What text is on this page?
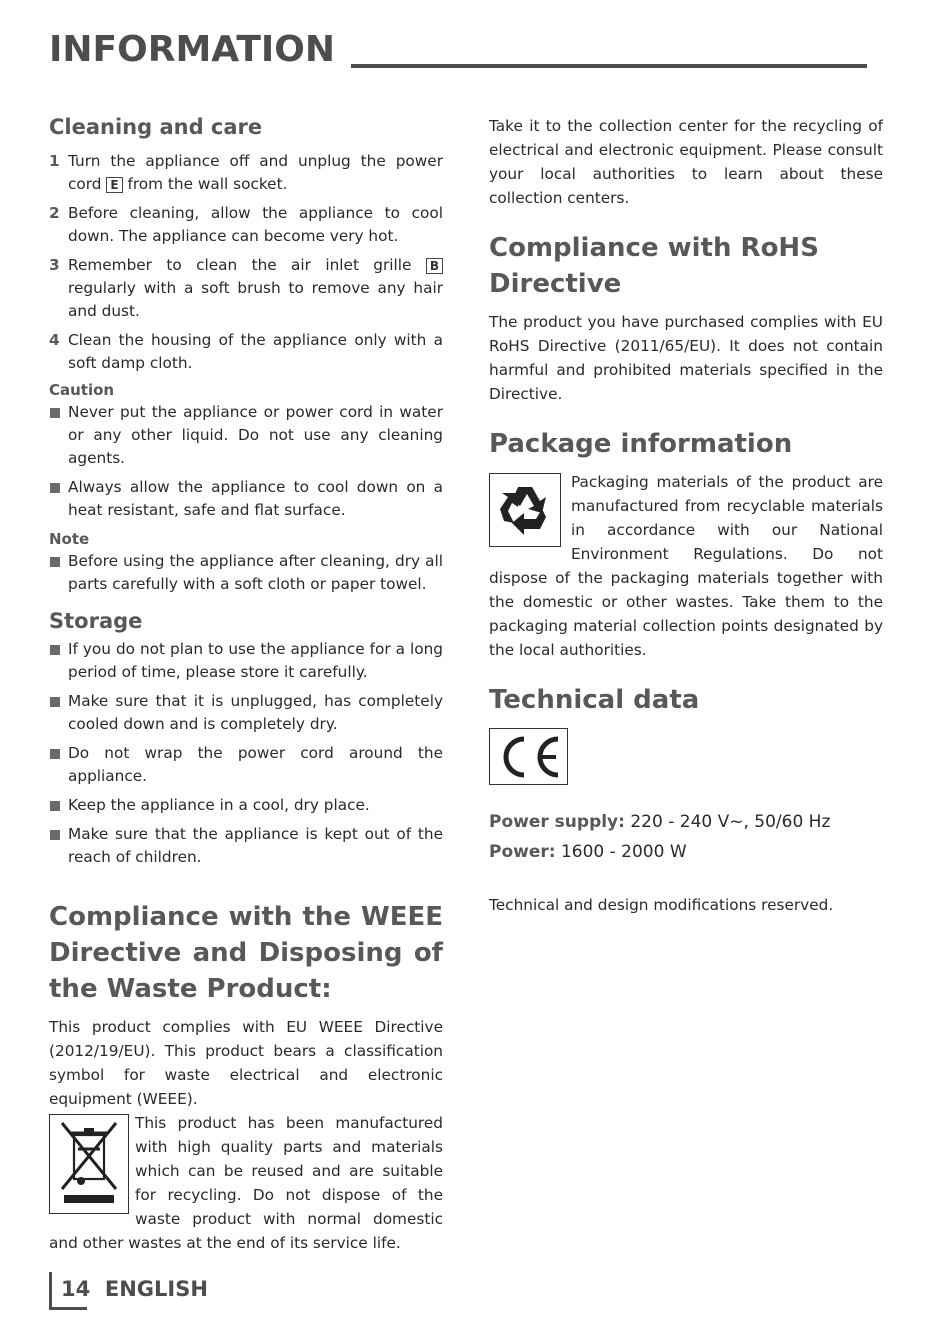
INFORMATION
Cleaning and care
1 Turn the appliance off and unplug the power cord E from the wall socket.
2 Before cleaning, allow the appliance to cool down. The appliance can become very hot.
3 Remember to clean the air inlet grille B regularly with a soft brush to remove any hair and dust.
4 Clean the housing of the appliance only with a soft damp cloth.
Caution
Never put the appliance or power cord in water or any other liquid. Do not use any cleaning agents.
Always allow the appliance to cool down on a heat resistant, safe and flat surface.
Note
Before using the appliance after cleaning, dry all parts carefully with a soft cloth or paper towel.
Storage
If you do not plan to use the appliance for a long period of time, please store it carefully.
Make sure that it is unplugged, has completely cooled down and is completely dry.
Do not wrap the power cord around the appliance.
Keep the appliance in a cool, dry place.
Make sure that the appliance is kept out of the reach of children.
Compliance with the WEEE Directive and Disposing of the Waste Product:

This product complies with EU WEEE Directive (2012/19/EU). This product bears a classification symbol for waste electrical and electronic equipment (WEEE).

This product has been manufactured with high quality parts and materials which can be reused and are suitable for recycling. Do not dispose of the waste product with normal domestic and other wastes at the end of its service life.

Take it to the collection center for the recycling of electrical and electronic equipment. Please consult your local authorities to learn about these collection centers.

Compliance with RoHS Directive

The product you have purchased complies with EU RoHS Directive (2011/65/EU). It does not contain harmful and prohibited materials specified in the Directive.

Package information

Packaging materials of the product are manufactured from recyclable materials in accordance with our National Environment Regulations. Do not dispose of the packaging materials together with the domestic or other wastes. Take them to the packaging material collection points designated by the local authorities.

Technical data

Power supply: 220 - 240 V~, 50/60 Hz

Power: 1600 - 2000 W

Technical and design modifications reserved.

14 ENGLISH
